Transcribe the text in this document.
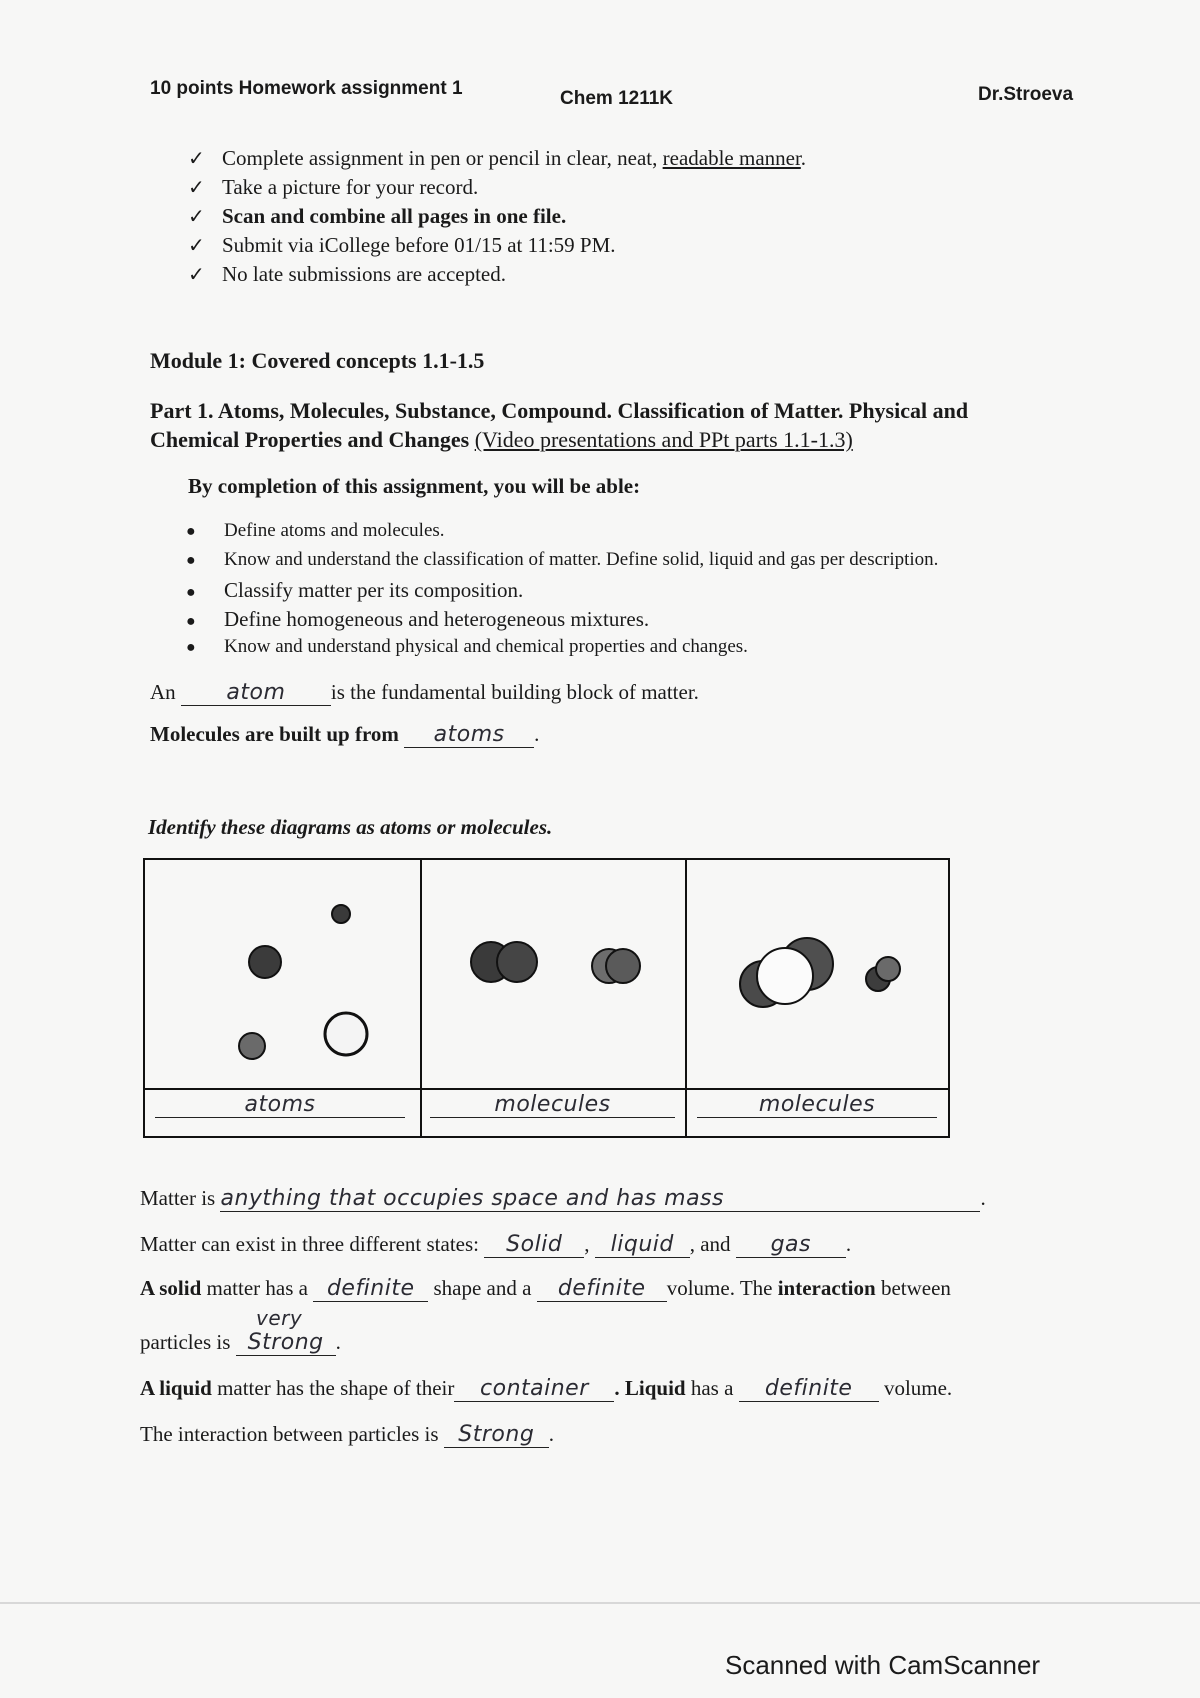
10 points Homework assignment 1	Chem 1211K	Dr.Stroeva
✓ Complete assignment in pen or pencil in clear, neat, readable manner.
✓ Take a picture for your record.
✓ Scan and combine all pages in one file.
✓ Submit via iCollege before 01/15 at 11:59 PM.
✓ No late submissions are accepted.
Module 1: Covered concepts 1.1-1.5
Part 1. Atoms, Molecules, Substance, Compound. Classification of Matter. Physical and
Chemical Properties and Changes (Video presentations and PPt parts 1.1-1.3)
By completion of this assignment, you will be able:
● Define atoms and molecules.
● Know and understand the classification of matter. Define solid, liquid and gas per description.
● Classify matter per its composition.
● Define homogeneous and heterogeneous mixtures.
● Know and understand physical and chemical properties and changes.
An atom is the fundamental building block of matter.
Molecules are built up from atoms .
Identify these diagrams as atoms or molecules.
atoms	molecules	molecules
Matter is anything that occupies space and has mass	.
Matter can exist in three different states: Solid , liquid , and gas .
A solid matter has a definite shape and a definite volume. The interaction between
very
particles is Strong .
A liquid matter has the shape of their container . Liquid has a definite volume.
The interaction between particles is Strong .
Scanned with CamScanner
